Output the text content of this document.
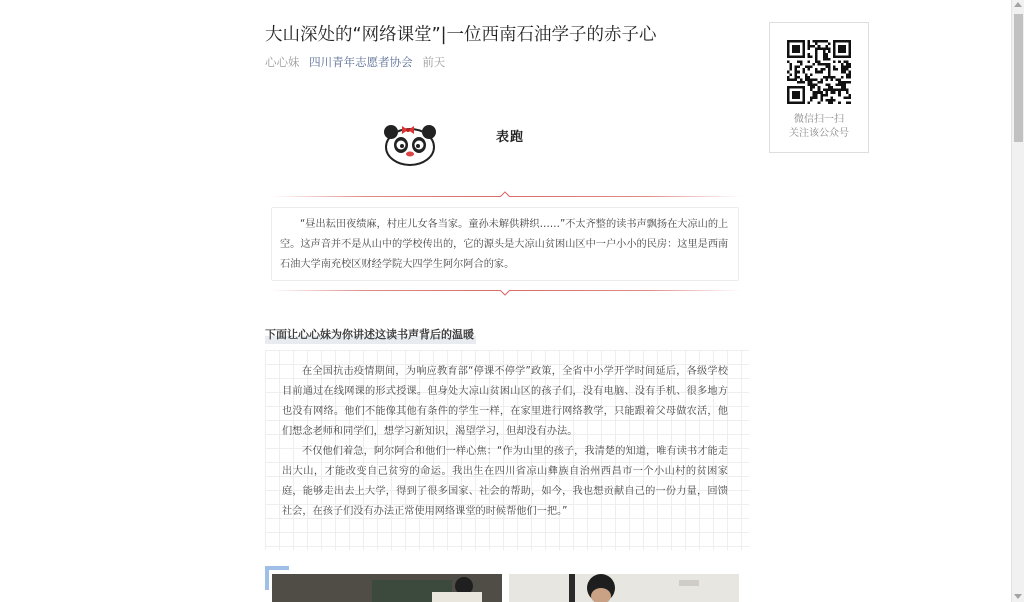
大山深处的“网络课堂”|一位西南石油学子的赤子心
心心妹 四川青年志愿者协会 前天
表跑
“昼出耘田夜绩麻，村庄儿女各当家。童孙未解供耕织……”不太齐整的读书声飘扬在大凉山的上空。这声音并不是从山中的学校传出的，它的源头是大凉山贫困山区中一户小小的民房：这里是西南石油大学南充校区财经学院大四学生阿尔阿合的家。
下面让心心妹为你讲述这读书声背后的温暖

在全国抗击疫情期间，为响应教育部“停课不停学”政策，全省中小学开学时间延后，各级学校目前通过在线网课的形式授课。但身处大凉山贫困山区的孩子们，没有电脑、没有手机、很多地方也没有网络。他们不能像其他有条件的学生一样，在家里进行网络教学，只能跟着父母做农活，他们想念老师和同学们，想学习新知识，渴望学习，但却没有办法。

不仅他们着急，阿尔阿合和他们一样心焦：“作为山里的孩子，我清楚的知道，唯有读书才能走出大山，才能改变自己贫穷的命运。我出生在四川省凉山彝族自治州西昌市一个小山村的贫困家庭，能够走出去上大学，得到了很多国家、社会的帮助，如今，我也想贡献自己的一份力量，回馈社会，在孩子们没有办法正常使用网络课堂的时候帮他们一把。”

微信扫一扫
关注该公众号
